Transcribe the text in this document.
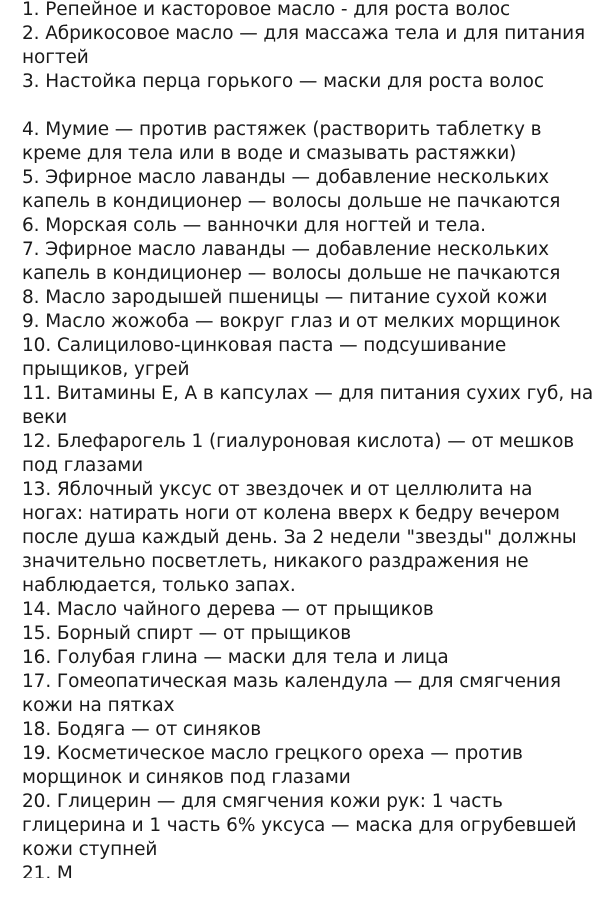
1. Репейное и касторовое масло - для роста волос

2. Абрикосовое масло — для массажа тела и для питания ногтей

3. Настойка перца горького — маски для роста волос

4. Мумие — против растяжек (растворить таблетку в креме для тела или в воде и смазывать растяжки)

5. Эфирное масло лаванды — добавление нескольких капель в кондиционер — волосы дольше не пачкаются

6. Морская соль — ванночки для ногтей и тела.

7. Эфирное масло лаванды — добавление нескольких капель в кондиционер — волосы дольше не пачкаются

8. Масло зародышей пшеницы — питание сухой кожи

9. Масло жожоба — вокруг глаз и от мелких морщинок

10. Салицилово-цинковая паста — подсушивание прыщиков, угрей

11. Витамины Е, А в капсулах — для питания сухих губ, на веки

12. Блефарогель 1 (гиалуроновая кислота) — от мешков под глазами

13. Яблочный уксус от звездочек и от целлюлита на ногах: натирать ноги от колена вверх к бедру вечером после душа каждый день. За 2 недели "звезды" должны значительно посветлеть, никакого раздражения не наблюдается, только запах.

14. Масло чайного дерева — от прыщиков

15. Борный спирт — от прыщиков

16. Голубая глина — маски для тела и лица

17. Гомеопатическая мазь календула — для смягчения кожи на пятках

18. Бодяга — от синяков

19. Косметическое масло грецкого ореха — против морщинок и синяков под глазами

20. Глицерин — для смягчения кожи рук: 1 часть глицерина и 1 часть 6% уксуса — маска для огрубевшей кожи ступней

21. М
